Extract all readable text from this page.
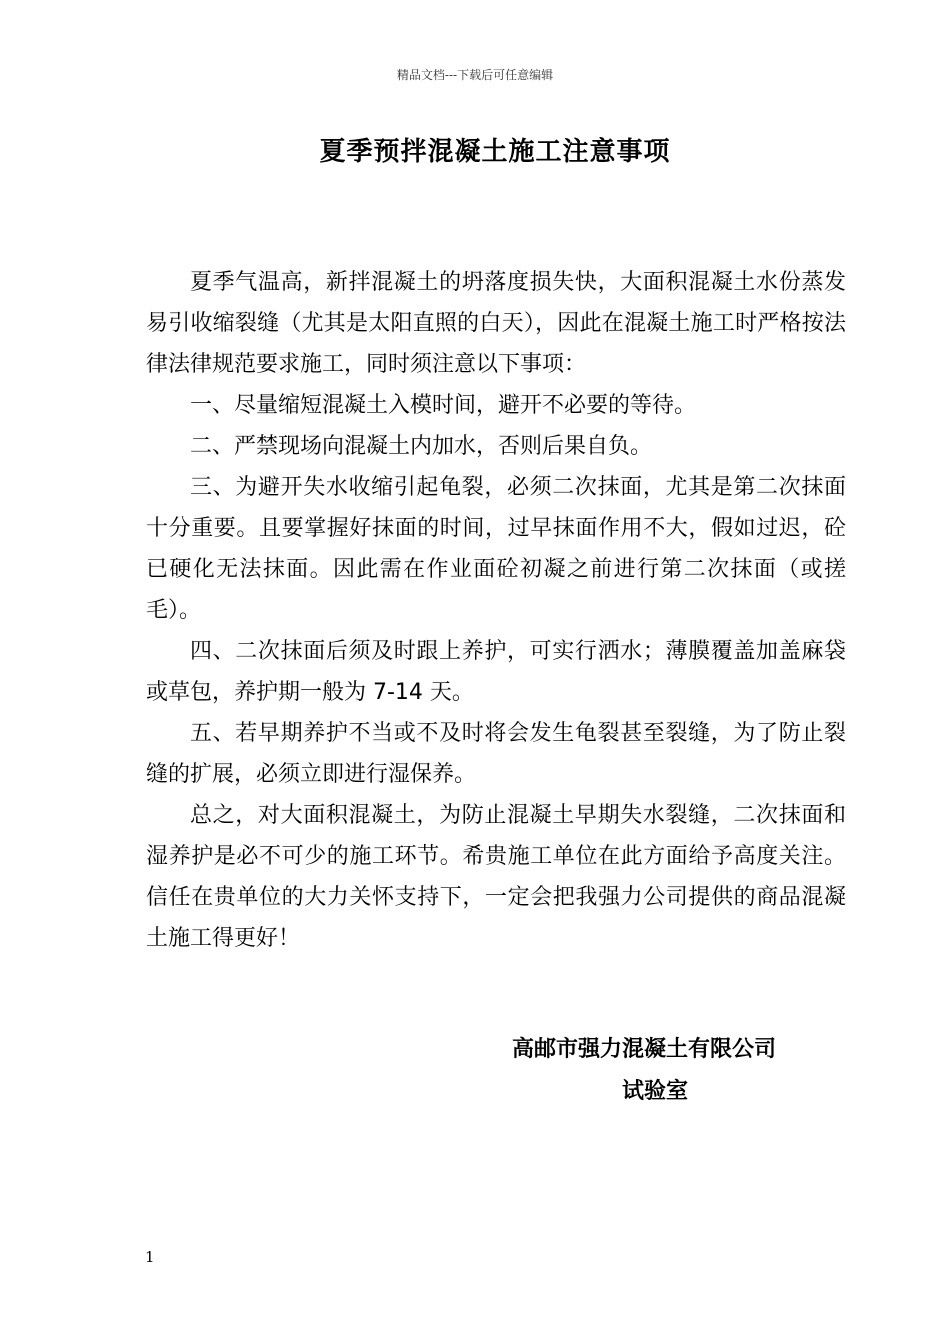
精品文档---下载后可任意编辑
夏季预拌混凝土施工注意事项

夏季气温高，新拌混凝土的坍落度损失快，大面积混凝土水份蒸发易引收缩裂缝（尤其是太阳直照的白天），因此在混凝土施工时严格按法律法律规范要求施工，同时须注意以下事项：

一、尽量缩短混凝土入模时间，避开不必要的等待。

二、严禁现场向混凝土内加水，否则后果自负。

三、为避开失水收缩引起龟裂，必须二次抹面，尤其是第二次抹面十分重要。且要掌握好抹面的时间，过早抹面作用不大，假如过迟，砼已硬化无法抹面。因此需在作业面砼初凝之前进行第二次抹面（或搓毛）。

四、二次抹面后须及时跟上养护，可实行洒水；薄膜覆盖加盖麻袋或草包，养护期一般为 7-14 天。

五、若早期养护不当或不及时将会发生龟裂甚至裂缝，为了防止裂缝的扩展，必须立即进行湿保养。

总之，对大面积混凝土，为防止混凝土早期失水裂缝，二次抹面和湿养护是必不可少的施工环节。希贵施工单位在此方面给予高度关注。信任在贵单位的大力关怀支持下，一定会把我强力公司提供的商品混凝土施工得更好！

高邮市强力混凝土有限公司
试验室
1
